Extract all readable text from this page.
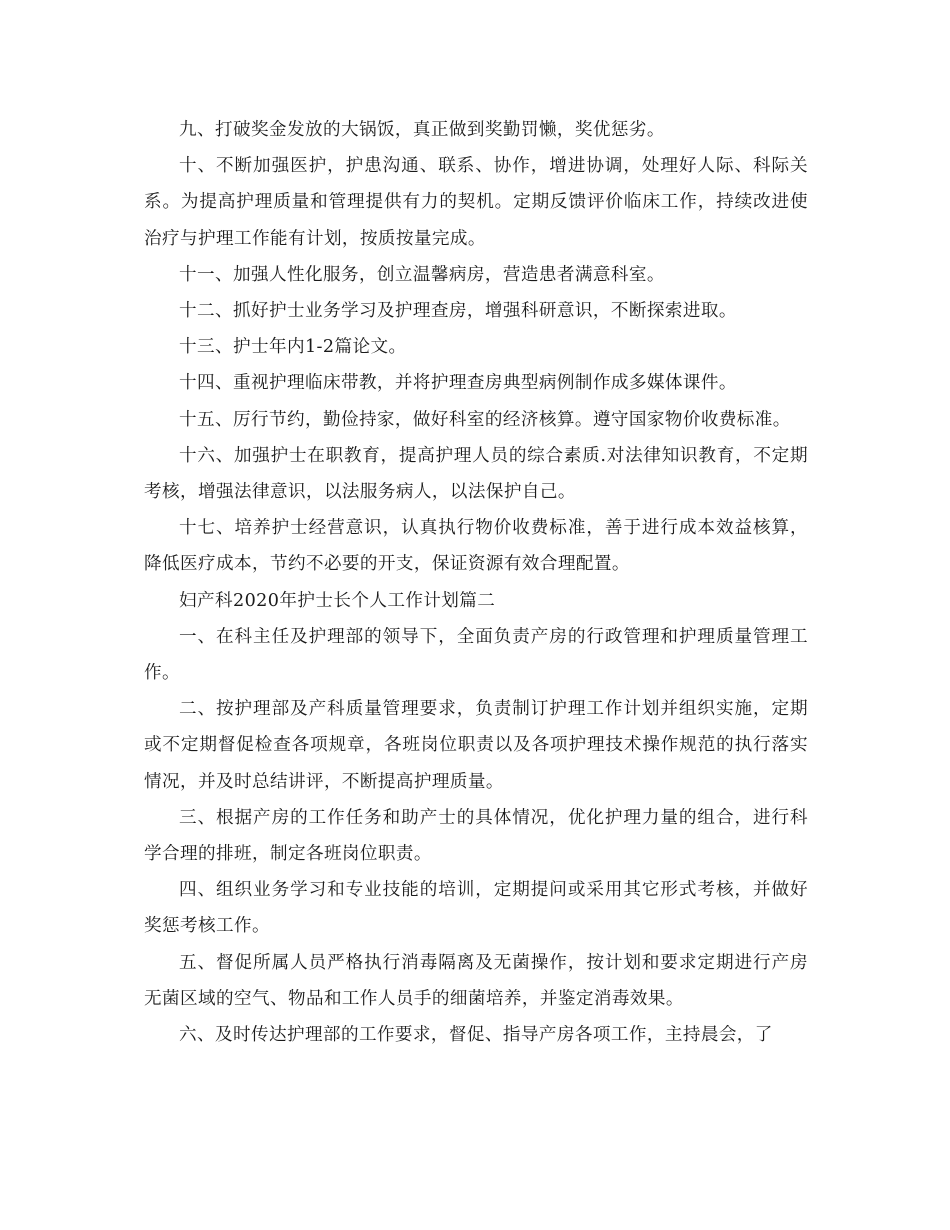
九、打破奖金发放的大锅饭，真正做到奖勤罚懒，奖优惩劣。

十、不断加强医护，护患沟通、联系、协作，增进协调，处理好人际、科际关系。为提高护理质量和管理提供有力的契机。定期反馈评价临床工作，持续改进使治疗与护理工作能有计划，按质按量完成。

十一、加强人性化服务，创立温馨病房，营造患者满意科室。

十二、抓好护士业务学习及护理查房，增强科研意识，不断探索进取。

十三、护士年内1-2篇论文。

十四、重视护理临床带教，并将护理查房典型病例制作成多媒体课件。

十五、厉行节约，勤俭持家，做好科室的经济核算。遵守国家物价收费标准。

十六、加强护士在职教育，提高护理人员的综合素质.对法律知识教育，不定期考核，增强法律意识，以法服务病人，以法保护自己。

十七、培养护士经营意识，认真执行物价收费标准，善于进行成本效益核算，降低医疗成本，节约不必要的开支，保证资源有效合理配置。

妇产科2020年护士长个人工作计划篇二

一、在科主任及护理部的领导下，全面负责产房的行政管理和护理质量管理工作。

二、按护理部及产科质量管理要求，负责制订护理工作计划并组织实施，定期或不定期督促检查各项规章，各班岗位职责以及各项护理技术操作规范的执行落实情况，并及时总结讲评，不断提高护理质量。

三、根据产房的工作任务和助产士的具体情况，优化护理力量的组合，进行科学合理的排班，制定各班岗位职责。

四、组织业务学习和专业技能的培训，定期提问或采用其它形式考核，并做好奖惩考核工作。

五、督促所属人员严格执行消毒隔离及无菌操作，按计划和要求定期进行产房无菌区域的空气、物品和工作人员手的细菌培养，并鉴定消毒效果。

六、及时传达护理部的工作要求，督促、指导产房各项工作，主持晨会，了
